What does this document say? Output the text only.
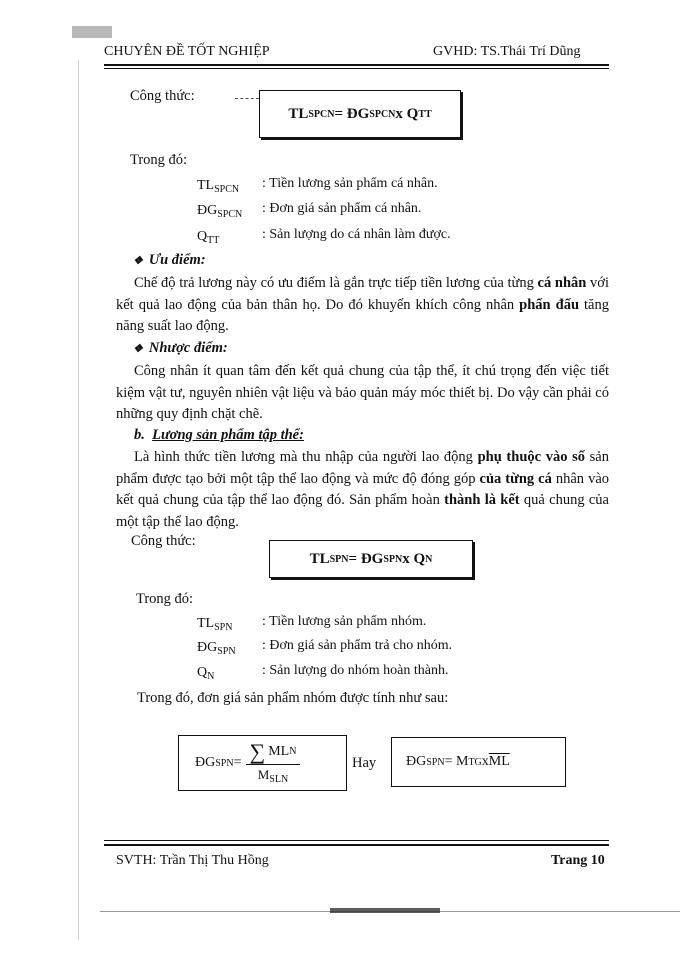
CHUYÊN ĐỀ TỐT NGHIỆP	GVHD: TS.Thái Trí Dũng
Công thức:
TL SPCN = ĐG SPCN x Q TT
Trong đó:
$TL_{SPCN}$ : Tiền lương sản phẩm cá nhân.
$ĐG_{SPCN}$ : Đơn giá sản phẩm cá nhân.
$Q_{TT}$	: Sản lượng do cá nhân làm được.
❖ Ưu điểm:
Chế độ trả lương này có ưu điểm là gắn trực tiếp tiền lương của từng cá nhân với kết quả lao động của bản thân họ. Do đó khuyến khích công nhân phấn đấu tăng năng suất lao động.
❖ Nhược điểm:
Công nhân ít quan tâm đến kết quả chung của tập thể, ít chú trọng đến việc tiết kiệm vật tư, nguyên nhiên vật liệu và bảo quản máy móc thiết bị. Do vậy cần phải có những quy định chặt chẽ.
b. Lương sản phẩm tập thể:
Là hình thức tiền lương mà thu nhập của người lao động phụ thuộc vào số sản phẩm được tạo bởi một tập thể lao động và mức độ đóng góp của từng cá nhân vào kết quả chung của tập thể lao động đó. Sản phẩm hoàn thành là kết quả chung của một tập thể lao động.
Công thức:
TL SPN = ĐG SPN x Q N
Trong đó:
$TL_{SPN}$ : Tiền lương sản phẩm nhóm.
$ĐG_{SPN}$ : Đơn giá sản phẩm trả cho nhóm.
$Q_N$	: Sản lượng do nhóm hoàn thành.
Trong đó, đơn giá sản phẩm nhóm được tính như sau:
ĐG SPN = $\frac{\text{∑ ML N}}{M_{SLN}}$	Hay ĐG SPN = M TG x $\overline{ML}$
SVTH: Trần Thị Thu Hồng	Trang 10
